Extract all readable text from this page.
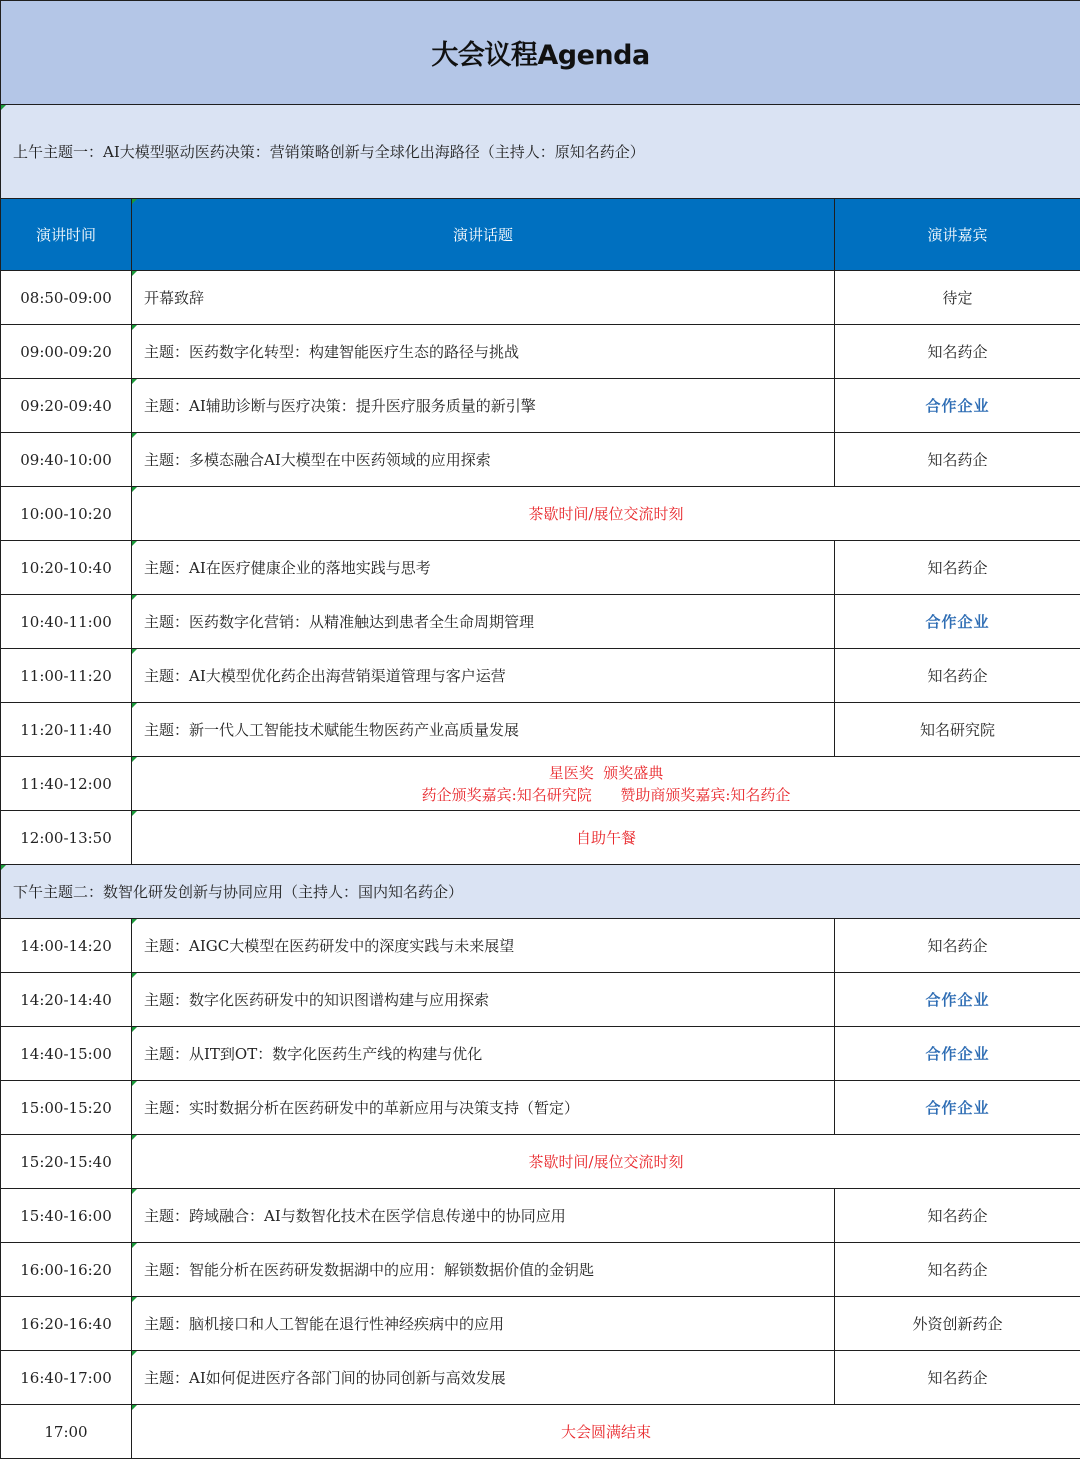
大会议程Agenda		
上午主题一：AI大模型驱动医药决策：营销策略创新与全球化出海路径（主持人：原知名药企）		
演讲时间	演讲话题	演讲嘉宾
08:50-09:00	开幕致辞	待定
09:00-09:20	主题：医药数字化转型：构建智能医疗生态的路径与挑战	知名药企
09:20-09:40	主题：AI辅助诊断与医疗决策：提升医疗服务质量的新引擎	合作企业
09:40-10:00	主题：多模态融合AI大模型在中医药领域的应用探索	知名药企
10:00-10:20	茶歇时间/展位交流时刻	
10:20-10:40	主题：AI在医疗健康企业的落地实践与思考	知名药企
10:40-11:00	主题：医药数字化营销：从精准触达到患者全生命周期管理	合作企业
11:00-11:20	主题：AI大模型优化药企出海营销渠道管理与客户运营	知名药企
11:20-11:40	主题：新一代人工智能技术赋能生物医药产业高质量发展	知名研究院
11:40-12:00	星医奖  颁奖盛典
药企颁奖嘉宾:知名研究院      赞助商颁奖嘉宾:知名药企	

12:00-13:50	自助午餐	
下午主题二：数智化研发创新与协同应用（主持人：国内知名药企）		
14:00-14:20	主题：AIGC大模型在医药研发中的深度实践与未来展望	知名药企
14:20-14:40	主题：数字化医药研发中的知识图谱构建与应用探索	合作企业
14:40-15:00	主题：从IT到OT：数字化医药生产线的构建与优化	合作企业
15:00-15:20	主题：实时数据分析在医药研发中的革新应用与决策支持（暂定）	合作企业
15:20-15:40	茶歇时间/展位交流时刻	
15:40-16:00	主题：跨域融合：AI与数智化技术在医学信息传递中的协同应用	知名药企
16:00-16:20	主题：智能分析在医药研发数据湖中的应用：解锁数据价值的金钥匙	知名药企
16:20-16:40	主题：脑机接口和人工智能在退行性神经疾病中的应用	外资创新药企
16:40-17:00	主题：AI如何促进医疗各部门间的协同创新与高效发展	知名药企
17:00	大会圆满结束	
